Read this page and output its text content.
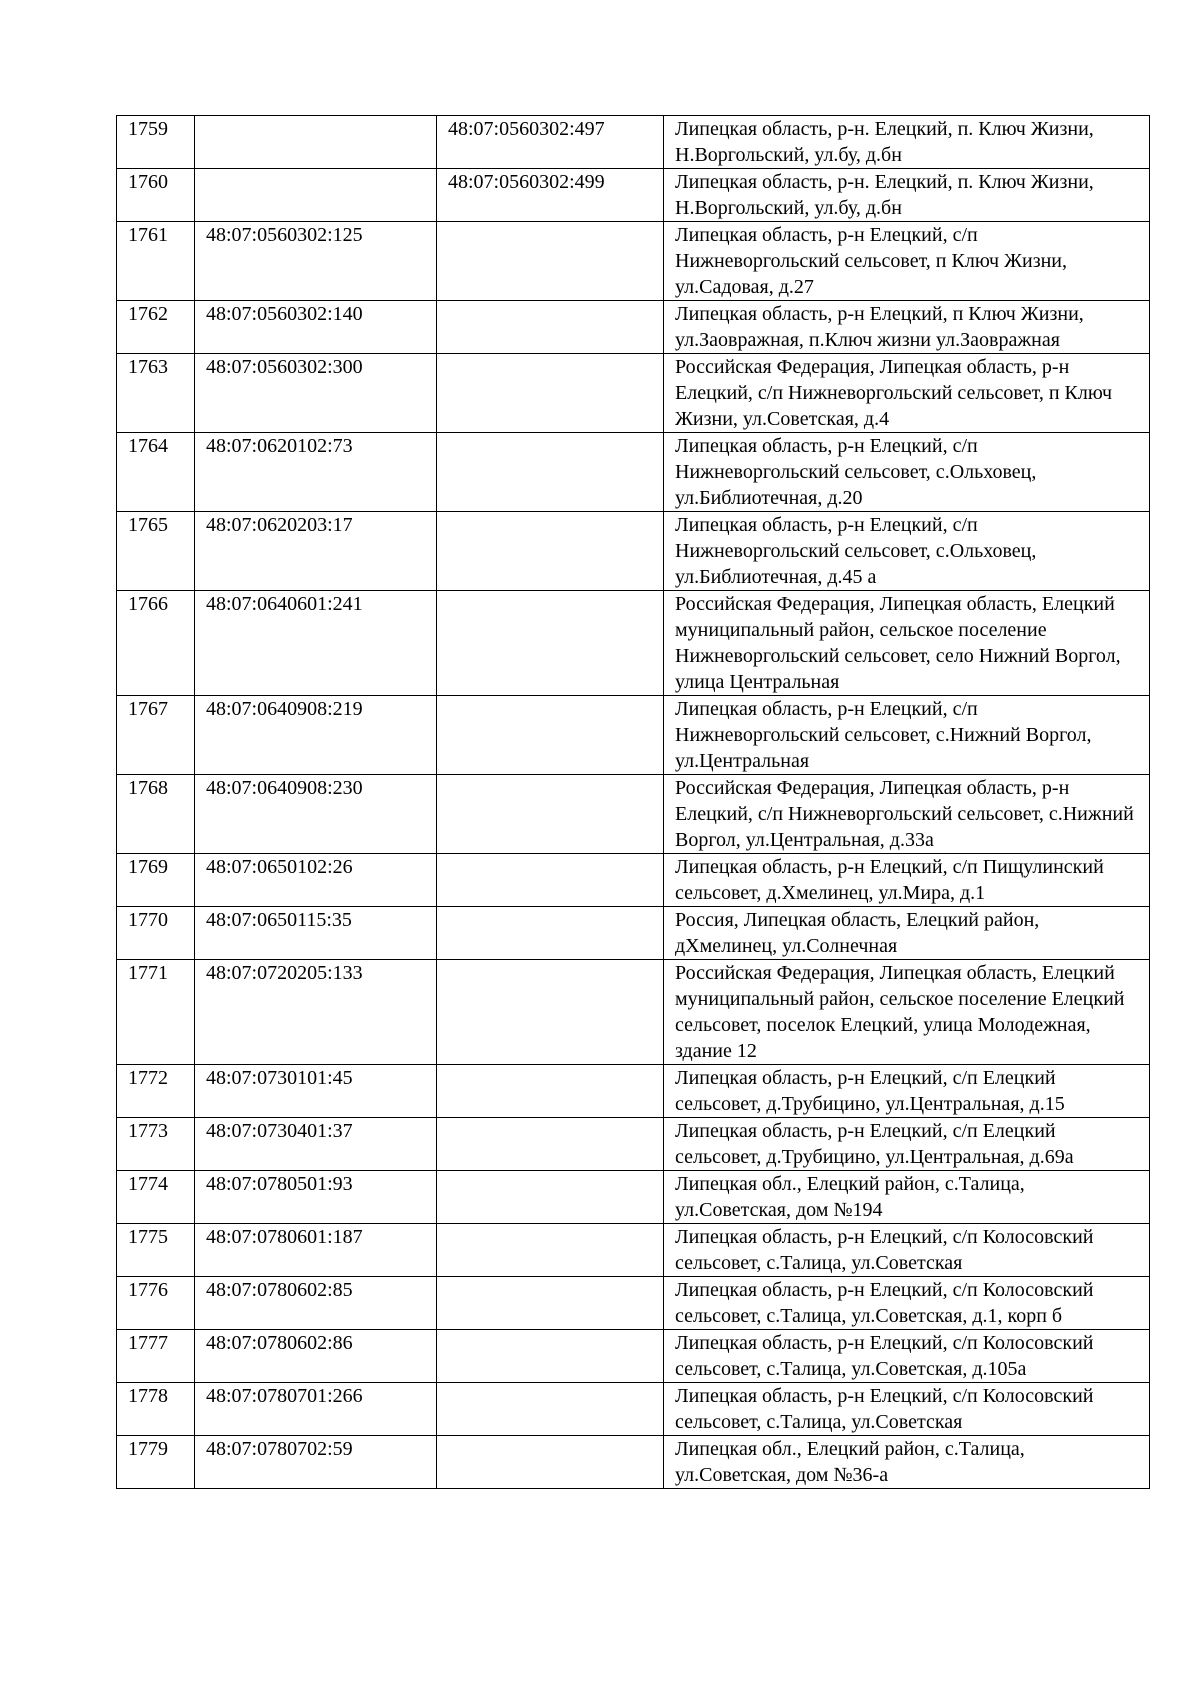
1759		48:07:0560302:497	Липецкая область, р-н. Елецкий, п. Ключ Жизни, Н.Воргольский, ул.бу, д.бн
1760		48:07:0560302:499	Липецкая область, р-н. Елецкий, п. Ключ Жизни, Н.Воргольский, ул.бу, д.бн
1761	48:07:0560302:125		Липецкая область, р-н Елецкий, с/п Нижневоргольский сельсовет, п Ключ Жизни, ул.Садовая, д.27
1762	48:07:0560302:140		Липецкая область, р-н Елецкий, п Ключ Жизни, ул.Заовражная, п.Ключ жизни ул.Заовражная
1763	48:07:0560302:300		Российская Федерация, Липецкая область, р-н Елецкий, с/п Нижневоргольский сельсовет, п Ключ Жизни, ул.Советская, д.4
1764	48:07:0620102:73		Липецкая область, р-н Елецкий, с/п Нижневоргольский сельсовет, с.Ольховец, ул.Библиотечная, д.20
1765	48:07:0620203:17		Липецкая область, р-н Елецкий, с/п Нижневоргольский сельсовет, с.Ольховец, ул.Библиотечная, д.45 а
1766	48:07:0640601:241		Российская Федерация, Липецкая область, Елецкий муниципальный район, сельское поселение Нижневоргольский сельсовет, село Нижний Воргол, улица Центральная
1767	48:07:0640908:219		Липецкая область, р-н Елецкий, с/п Нижневоргольский сельсовет, с.Нижний Воргол, ул.Центральная
1768	48:07:0640908:230		Российская Федерация, Липецкая область, р-н Елецкий, с/п Нижневоргольский сельсовет, с.Нижний Воргол, ул.Центральная, д.33а
1769	48:07:0650102:26		Липецкая область, р-н Елецкий, с/п Пищулинский сельсовет, д.Хмелинец, ул.Мира, д.1
1770	48:07:0650115:35		Россия, Липецкая область, Елецкий район, дХмелинец, ул.Солнечная
1771	48:07:0720205:133		Российская Федерация, Липецкая область, Елецкий муниципальный район, сельское поселение Елецкий сельсовет, поселок Елецкий, улица Молодежная, здание 12
1772	48:07:0730101:45		Липецкая область, р-н Елецкий, с/п Елецкий сельсовет, д.Трубицино, ул.Центральная, д.15
1773	48:07:0730401:37		Липецкая область, р-н Елецкий, с/п Елецкий сельсовет, д.Трубицино, ул.Центральная, д.69а
1774	48:07:0780501:93		Липецкая обл., Елецкий район, с.Талица, ул.Советская, дом №194
1775	48:07:0780601:187		Липецкая область, р-н Елецкий, с/п Колосовский сельсовет, с.Талица, ул.Советская
1776	48:07:0780602:85		Липецкая область, р-н Елецкий, с/п Колосовский сельсовет, с.Талица, ул.Советская, д.1, корп б
1777	48:07:0780602:86		Липецкая область, р-н Елецкий, с/п Колосовский сельсовет, с.Талица, ул.Советская, д.105а
1778	48:07:0780701:266		Липецкая область, р-н Елецкий, с/п Колосовский сельсовет, с.Талица, ул.Советская
1779	48:07:0780702:59		Липецкая обл., Елецкий район, с.Талица, ул.Советская, дом №36-а
